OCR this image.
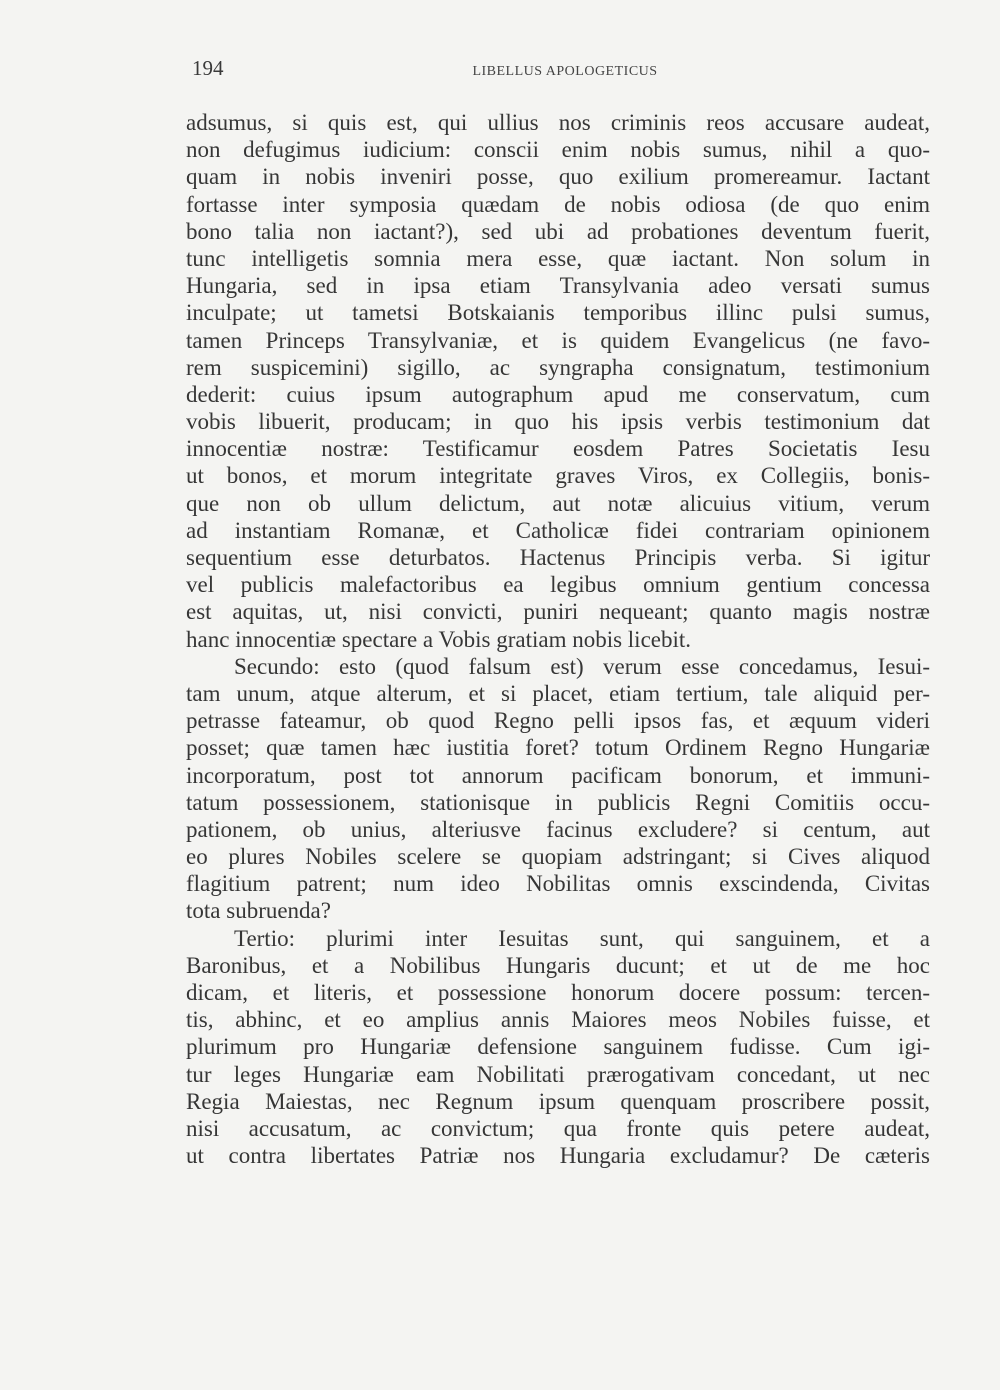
194	LIBELLUS APOLOGETICUS
adsumus, si quis est, qui ullius nos criminis reos accusare audeat,
non defugimus iudicium: conscii enim nobis sumus, nihil a quo-
quam in nobis inveniri posse, quo exilium promereamur. Iactant
fortasse inter symposia quædam de nobis odiosa (de quo enim
bono talia non iactant?), sed ubi ad probationes deventum fuerit,
tunc intelligetis somnia mera esse, quæ iactant. Non solum in
Hungaria, sed in ipsa etiam Transylvania adeo versati sumus
inculpate; ut tametsi Botskaianis temporibus illinc pulsi sumus,
tamen Princeps Transylvaniæ, et is quidem Evangelicus (ne favo-
rem suspicemini) sigillo, ac syngrapha consignatum, testimonium
dederit: cuius ipsum autographum apud me conservatum, cum
vobis libuerit, producam; in quo his ipsis verbis testimonium dat
innocentiæ nostræ: Testificamur eosdem Patres Societatis Iesu
ut bonos, et morum integritate graves Viros, ex Collegiis, bonis-
que non ob ullum delictum, aut notæ alicuius vitium, verum
ad instantiam Romanæ, et Catholicæ fidei contrariam opinionem
sequentium esse deturbatos. Hactenus Principis verba. Si igitur
vel publicis malefactoribus ea legibus omnium gentium concessa
est aquitas, ut, nisi convicti, puniri nequeant; quanto magis nostræ
hanc innocentiæ spectare a Vobis gratiam nobis licebit.
Secundo: esto (quod falsum est) verum esse concedamus, Iesui-
tam unum, atque alterum, et si placet, etiam tertium, tale aliquid per-
petrasse fateamur, ob quod Regno pelli ipsos fas, et æquum videri
posset; quæ tamen hæc iustitia foret? totum Ordinem Regno Hungariæ
incorporatum, post tot annorum pacificam bonorum, et immuni-
tatum possessionem, stationisque in publicis Regni Comitiis occu-
pationem, ob unius, alteriusve facinus excludere? si centum, aut
eo plures Nobiles scelere se quopiam adstringant; si Cives aliquod
flagitium patrent; num ideo Nobilitas omnis exscindenda, Civitas
tota subruenda?
Tertio: plurimi inter Iesuitas sunt, qui sanguinem, et a
Baronibus, et a Nobilibus Hungaris ducunt; et ut de me hoc
dicam, et literis, et possessione honorum docere possum: tercen-
tis, abhinc, et eo amplius annis Maiores meos Nobiles fuisse, et
plurimum pro Hungariæ defensione sanguinem fudisse. Cum igi-
tur leges Hungariæ eam Nobilitati prærogativam concedant, ut nec
Regia Maiestas, nec Regnum ipsum quenquam proscribere possit,
nisi accusatum, ac convictum; qua fronte quis petere audeat,
ut contra libertates Patriæ nos Hungaria excludamur? De cæteris
